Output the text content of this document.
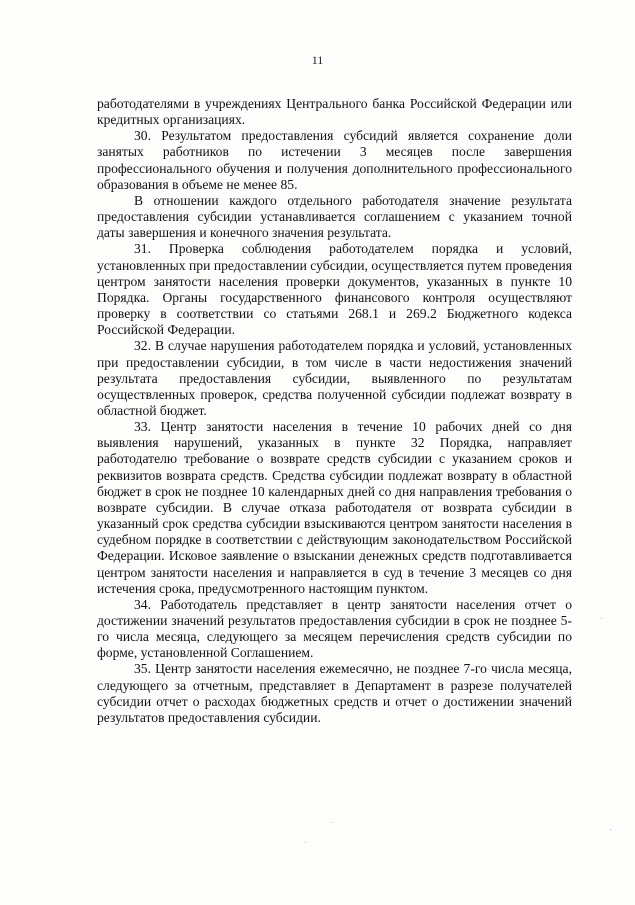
11

работодателями в учреждениях Центрального банка Российской Федерации или кредитных организациях.

30. Результатом предоставления субсидий является сохранение доли занятых работников по истечении 3 месяцев после завершения профессионального обучения и получения дополнительного профессионального образования в объеме не менее 85.

В отношении каждого отдельного работодателя значение результата предоставления субсидии устанавливается соглашением с указанием точной даты завершения и конечного значения результата.

31. Проверка соблюдения работодателем порядка и условий, установленных при предоставлении субсидии, осуществляется путем проведения центром занятости населения проверки документов, указанных в пункте 10 Порядка. Органы государственного финансового контроля осуществляют проверку в соответствии со статьями 268.1 и 269.2 Бюджетного кодекса Российской Федерации.

32. В случае нарушения работодателем порядка и условий, установленных при предоставлении субсидии, в том числе в части недостижения значений результата предоставления субсидии, выявленного по результатам осуществленных проверок, средства полученной субсидии подлежат возврату в областной бюджет.

33. Центр занятости населения в течение 10 рабочих дней со дня выявления нарушений, указанных в пункте 32 Порядка, направляет работодателю требование о возврате средств субсидии с указанием сроков и реквизитов возврата средств. Средства субсидии подлежат возврату в областной бюджет в срок не позднее 10 календарных дней со дня направления требования о возврате субсидии. В случае отказа работодателя от возврата субсидии в указанный срок средства субсидии взыскиваются центром занятости населения в судебном порядке в соответствии с действующим законодательством Российской Федерации. Исковое заявление о взыскании денежных средств подготавливается центром занятости населения и направляется в суд в течение 3 месяцев со дня истечения срока, предусмотренного настоящим пунктом.

34. Работодатель представляет в центр занятости населения отчет о достижении значений результатов предоставления субсидии в срок не позднее 5-го числа месяца, следующего за месяцем перечисления средств субсидии по форме, установленной Соглашением.

35. Центр занятости населения ежемесячно, не позднее 7-го числа месяца, следующего за отчетным, представляет в Департамент в разрезе получателей субсидии отчет о расходах бюджетных средств и отчет о достижении значений результатов предоставления субсидии.
